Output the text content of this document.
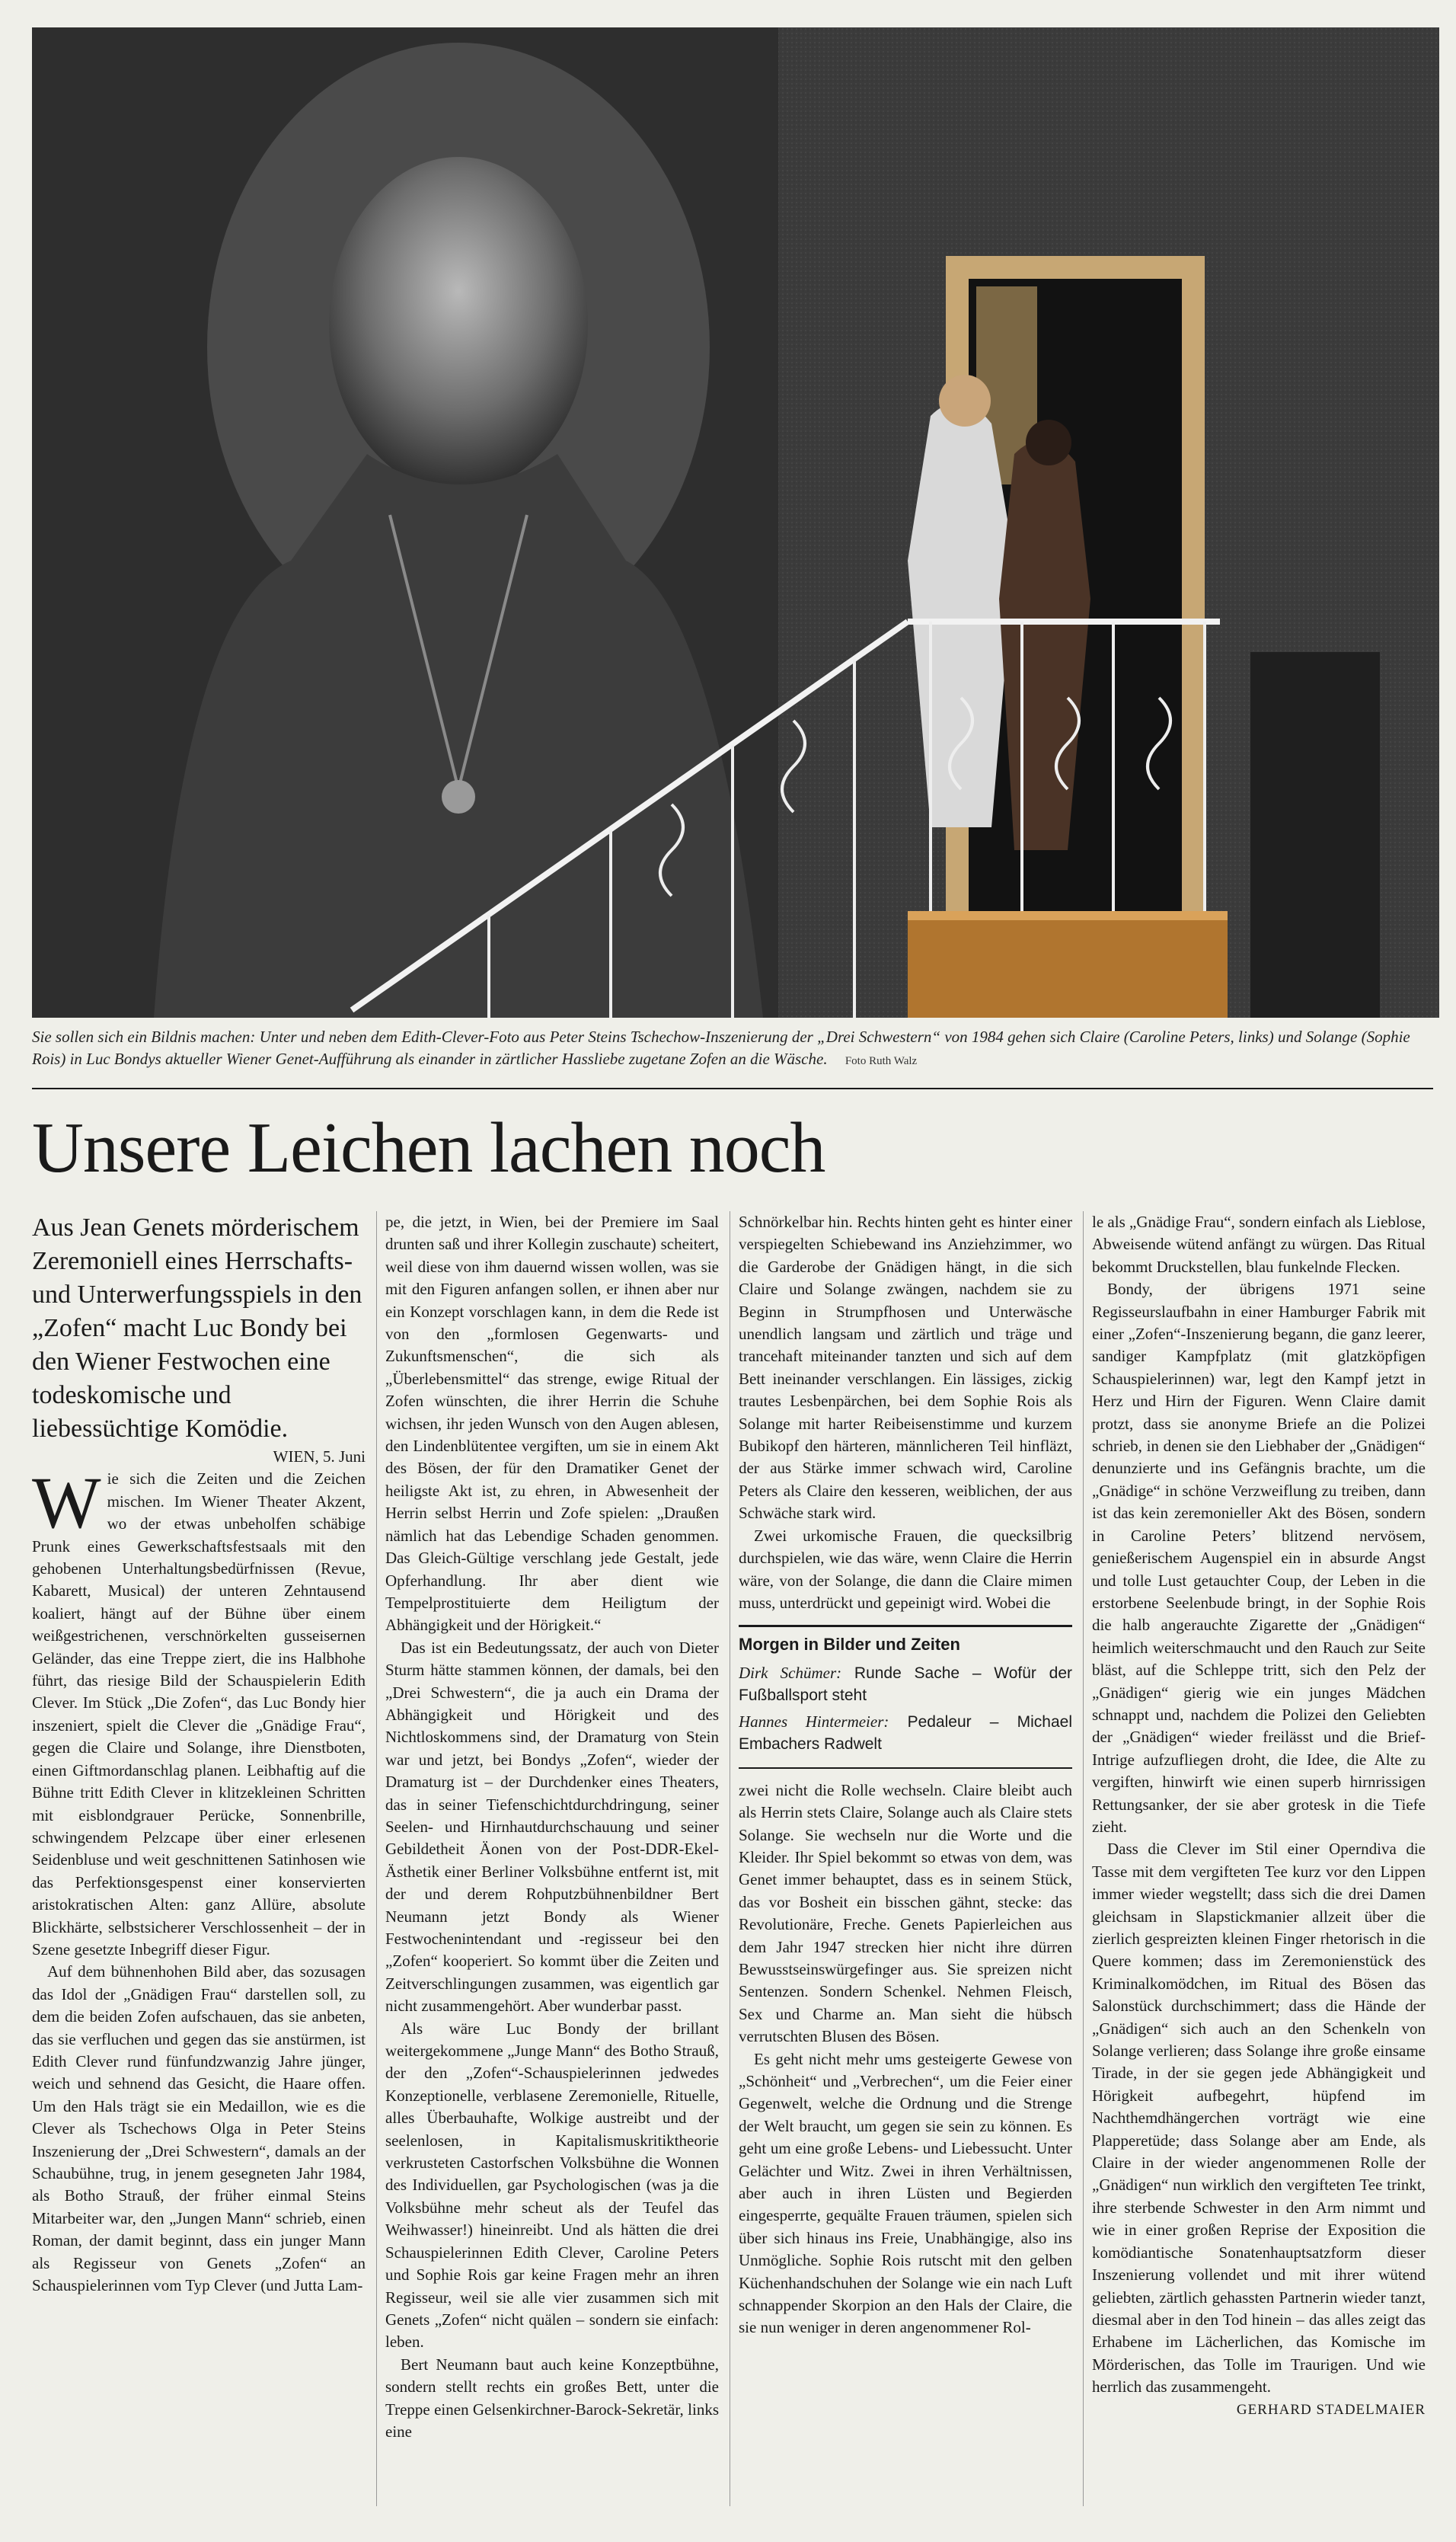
Sie sollen sich ein Bildnis machen: Unter und neben dem Edith-Clever-Foto aus Peter Steins Tschechow-Inszenierung der „Drei Schwestern“ von 1984 gehen sich Claire (Caroline Peters, links) und Solange (Sophie Rois) in Luc Bondys aktueller Wiener Genet-Aufführung als einander in zärtlicher Hassliebe zugetane Zofen an die Wäsche. Foto Ruth Walz
Unsere Leichen lachen noch

Aus Jean Genets mörderischem Zeremoniell eines Herrschafts- und Unterwerfungsspiels in den „Zofen“ macht Luc Bondy bei den Wiener Festwochen eine todeskomische und liebessüchtige Komödie.

WIEN, 5. Juni

Wie sich die Zeiten und die Zeichen mischen. Im Wiener Theater Akzent, wo der etwas unbeholfen schäbige Prunk eines Gewerkschaftsfestsaals mit den gehobenen Unterhaltungsbedürfnissen (Revue, Kabarett, Musical) der unteren Zehntausend koaliert, hängt auf der Bühne über einem weißgestrichenen, verschnörkelten gusseisernen Geländer, das eine Treppe ziert, die ins Halbhohe führt, das riesige Bild der Schauspielerin Edith Clever. Im Stück „Die Zofen“, das Luc Bondy hier inszeniert, spielt die Clever die „Gnädige Frau“, gegen die Claire und Solange, ihre Dienstboten, einen Giftmordanschlag planen. Leibhaftig auf die Bühne tritt Edith Clever in klitzekleinen Schritten mit eisblondgrauer Perücke, Sonnenbrille, schwingendem Pelzcape über einer erlesenen Seidenbluse und weit geschnittenen Satinhosen wie das Perfektionsgespenst einer konservierten aristokratischen Alten: ganz Allüre, absolute Blickhärte, selbstsicherer Verschlossenheit – der in Szene gesetzte Inbegriff dieser Figur.

Auf dem bühnenhohen Bild aber, das sozusagen das Idol der „Gnädigen Frau“ darstellen soll, zu dem die beiden Zofen aufschauen, das sie anbeten, das sie verfluchen und gegen das sie anstürmen, ist Edith Clever rund fünfundzwanzig Jahre jünger, weich und sehnend das Gesicht, die Haare offen. Um den Hals trägt sie ein Medaillon, wie es die Clever als Tschechows Olga in Peter Steins Inszenierung der „Drei Schwestern“, damals an der Schaubühne, trug, in jenem gesegneten Jahr 1984, als Botho Strauß, der früher einmal Steins Mitarbeiter war, den „Jungen Mann“ schrieb, einen Roman, der damit beginnt, dass ein junger Mann als Regisseur von Genets „Zofen“ an Schauspielerinnen vom Typ Clever (und Jutta Lam-

pe, die jetzt, in Wien, bei der Premiere im Saal drunten saß und ihrer Kollegin zuschaute) scheitert, weil diese von ihm dauernd wissen wollen, was sie mit den Figuren anfangen sollen, er ihnen aber nur ein Konzept vorschlagen kann, in dem die Rede ist von den „formlosen Gegenwarts- und Zukunftsmenschen“, die sich als „Überlebensmittel“ das strenge, ewige Ritual der Zofen wünschten, die ihrer Herrin die Schuhe wichsen, ihr jeden Wunsch von den Augen ablesen, den Lindenblütentee vergiften, um sie in einem Akt des Bösen, der für den Dramatiker Genet der heiligste Akt ist, zu ehren, in Abwesenheit der Herrin selbst Herrin und Zofe spielen: „Draußen nämlich hat das Lebendige Schaden genommen. Das Gleich-Gültige verschlang jede Gestalt, jede Opferhandlung. Ihr aber dient wie Tempelprostituierte dem Heiligtum der Abhängigkeit und der Hörigkeit.“

Das ist ein Bedeutungssatz, der auch von Dieter Sturm hätte stammen können, der damals, bei den „Drei Schwestern“, die ja auch ein Drama der Abhängigkeit und Hörigkeit und des Nichtloskommens sind, der Dramaturg von Stein war und jetzt, bei Bondys „Zofen“, wieder der Dramaturg ist – der Durchdenker eines Theaters, das in seiner Tiefenschichtdurchdringung, seiner Seelen- und Hirnhautdurchschauung und seiner Gebildetheit Äonen von der Post-DDR-Ekel-Ästhetik einer Berliner Volksbühne entfernt ist, mit der und derem Rohputzbühnenbildner Bert Neumann jetzt Bondy als Wiener Festwochenintendant und -regisseur bei den „Zofen“ kooperiert. So kommt über die Zeiten und Zeitverschlingungen zusammen, was eigentlich gar nicht zusammengehört. Aber wunderbar passt.

Als wäre Luc Bondy der brillant weitergekommene „Junge Mann“ des Botho Strauß, der den „Zofen“-Schauspielerinnen jedwedes Konzeptionelle, verblasene Zeremonielle, Rituelle, alles Überbauhafte, Wolkige austreibt und der seelenlosen, in Kapitalismuskritiktheorie verkrusteten Castorfschen Volksbühne die Wonnen des Individuellen, gar Psychologischen (was ja die Volksbühne mehr scheut als der Teufel das Weihwasser!) hineinreibt. Und als hätten die drei Schauspielerinnen Edith Clever, Caroline Peters und Sophie Rois gar keine Fragen mehr an ihren Regisseur, weil sie alle vier zusammen sich mit Genets „Zofen“ nicht quälen – sondern sie einfach: leben.

Bert Neumann baut auch keine Konzeptbühne, sondern stellt rechts ein großes Bett, unter die Treppe einen Gelsenkirchner-Barock-Sekretär, links eine

Schnörkelbar hin. Rechts hinten geht es hinter einer verspiegelten Schiebewand ins Anziehzimmer, wo die Garderobe der Gnädigen hängt, in die sich Claire und Solange zwängen, nachdem sie zu Beginn in Strumpfhosen und Unterwäsche unendlich langsam und zärtlich und träge und trancehaft miteinander tanzten und sich auf dem Bett ineinander verschlangen. Ein lässiges, zickig trautes Lesbenpärchen, bei dem Sophie Rois als Solange mit harter Reibeisenstimme und kurzem Bubikopf den härteren, männlicheren Teil hinfläzt, der aus Stärke immer schwach wird, Caroline Peters als Claire den kesseren, weiblichen, der aus Schwäche stark wird.

Zwei urkomische Frauen, die quecksilbrig durchspielen, wie das wäre, wenn Claire die Herrin wäre, von der Solange, die dann die Claire mimen muss, unterdrückt und gepeinigt wird. Wobei die

Morgen in Bilder und Zeiten
Dirk Schümer: Runde Sache – Wofür der Fußballsport steht
Hannes Hintermeier: Pedaleur – Michael Embachers Radwelt

zwei nicht die Rolle wechseln. Claire bleibt auch als Herrin stets Claire, Solange auch als Claire stets Solange. Sie wechseln nur die Worte und die Kleider. Ihr Spiel bekommt so etwas von dem, was Genet immer behauptet, dass es in seinem Stück, das vor Bosheit ein bisschen gähnt, stecke: das Revolutionäre, Freche. Genets Papierleichen aus dem Jahr 1947 strecken hier nicht ihre dürren Bewusstseinswürgefinger aus. Sie spreizen nicht Sentenzen. Sondern Schenkel. Nehmen Fleisch, Sex und Charme an. Man sieht die hübsch verrutschten Blusen des Bösen.

Es geht nicht mehr ums gesteigerte Gewese von „Schönheit“ und „Verbrechen“, um die Feier einer Gegenwelt, welche die Ordnung und die Strenge der Welt braucht, um gegen sie sein zu können. Es geht um eine große Lebens- und Liebessucht. Unter Gelächter und Witz. Zwei in ihren Verhältnissen, aber auch in ihren Lüsten und Begierden eingesperrte, gequälte Frauen träumen, spielen sich über sich hinaus ins Freie, Unabhängige, also ins Unmögliche. Sophie Rois rutscht mit den gelben Küchenhandschuhen der Solange wie ein nach Luft schnappender Skorpion an den Hals der Claire, die sie nun weniger in deren angenommener Rol-

le als „Gnädige Frau“, sondern einfach als Lieblose, Abweisende wütend anfängt zu würgen. Das Ritual bekommt Druckstellen, blau funkelnde Flecken.

Bondy, der übrigens 1971 seine Regisseurslaufbahn in einer Hamburger Fabrik mit einer „Zofen“-Inszenierung begann, die ganz leerer, sandiger Kampfplatz (mit glatzköpfigen Schauspielerinnen) war, legt den Kampf jetzt in Herz und Hirn der Figuren. Wenn Claire damit protzt, dass sie anonyme Briefe an die Polizei schrieb, in denen sie den Liebhaber der „Gnädigen“ denunzierte und ins Gefängnis brachte, um die „Gnädige“ in schöne Verzweiflung zu treiben, dann ist das kein zeremonieller Akt des Bösen, sondern in Caroline Peters’ blitzend nervösem, genießerischem Augenspiel ein in absurde Angst und tolle Lust getauchter Coup, der Leben in die erstorbene Seelenbude bringt, in der Sophie Rois die halb angerauchte Zigarette der „Gnädigen“ heimlich weiterschmaucht und den Rauch zur Seite bläst, auf die Schleppe tritt, sich den Pelz der „Gnädigen“ gierig wie ein junges Mädchen schnappt und, nachdem die Polizei den Geliebten der „Gnädigen“ wieder freilässt und die Brief-Intrige aufzufliegen droht, die Idee, die Alte zu vergiften, hinwirft wie einen superb hirnrissigen Rettungsanker, der sie aber grotesk in die Tiefe zieht.

Dass die Clever im Stil einer Operndiva die Tasse mit dem vergifteten Tee kurz vor den Lippen immer wieder wegstellt; dass sich die drei Damen gleichsam in Slapstickmanier allzeit über die zierlich gespreizten kleinen Finger rhetorisch in die Quere kommen; dass im Zeremonienstück des Kriminalkomödchen, im Ritual des Bösen das Salonstück durchschimmert; dass die Hände der „Gnädigen“ sich auch an den Schenkeln von Solange verlieren; dass Solange ihre große einsame Tirade, in der sie gegen jede Abhängigkeit und Hörigkeit aufbegehrt, hüpfend im Nachthemdhängerchen vorträgt wie eine Plapperetüde; dass Solange aber am Ende, als Claire in der wieder angenommenen Rolle der „Gnädigen“ nun wirklich den vergifteten Tee trinkt, ihre sterbende Schwester in den Arm nimmt und wie in einer großen Reprise der Exposition die komödiantische Sonatenhauptsatzform dieser Inszenierung vollendet und mit ihrer wütend geliebten, zärtlich gehassten Partnerin wieder tanzt, diesmal aber in den Tod hinein – das alles zeigt das Erhabene im Lächerlichen, das Komische im Mörderischen, das Tolle im Traurigen. Und wie herrlich das zusammengeht.

GERHARD STADELMAIER
